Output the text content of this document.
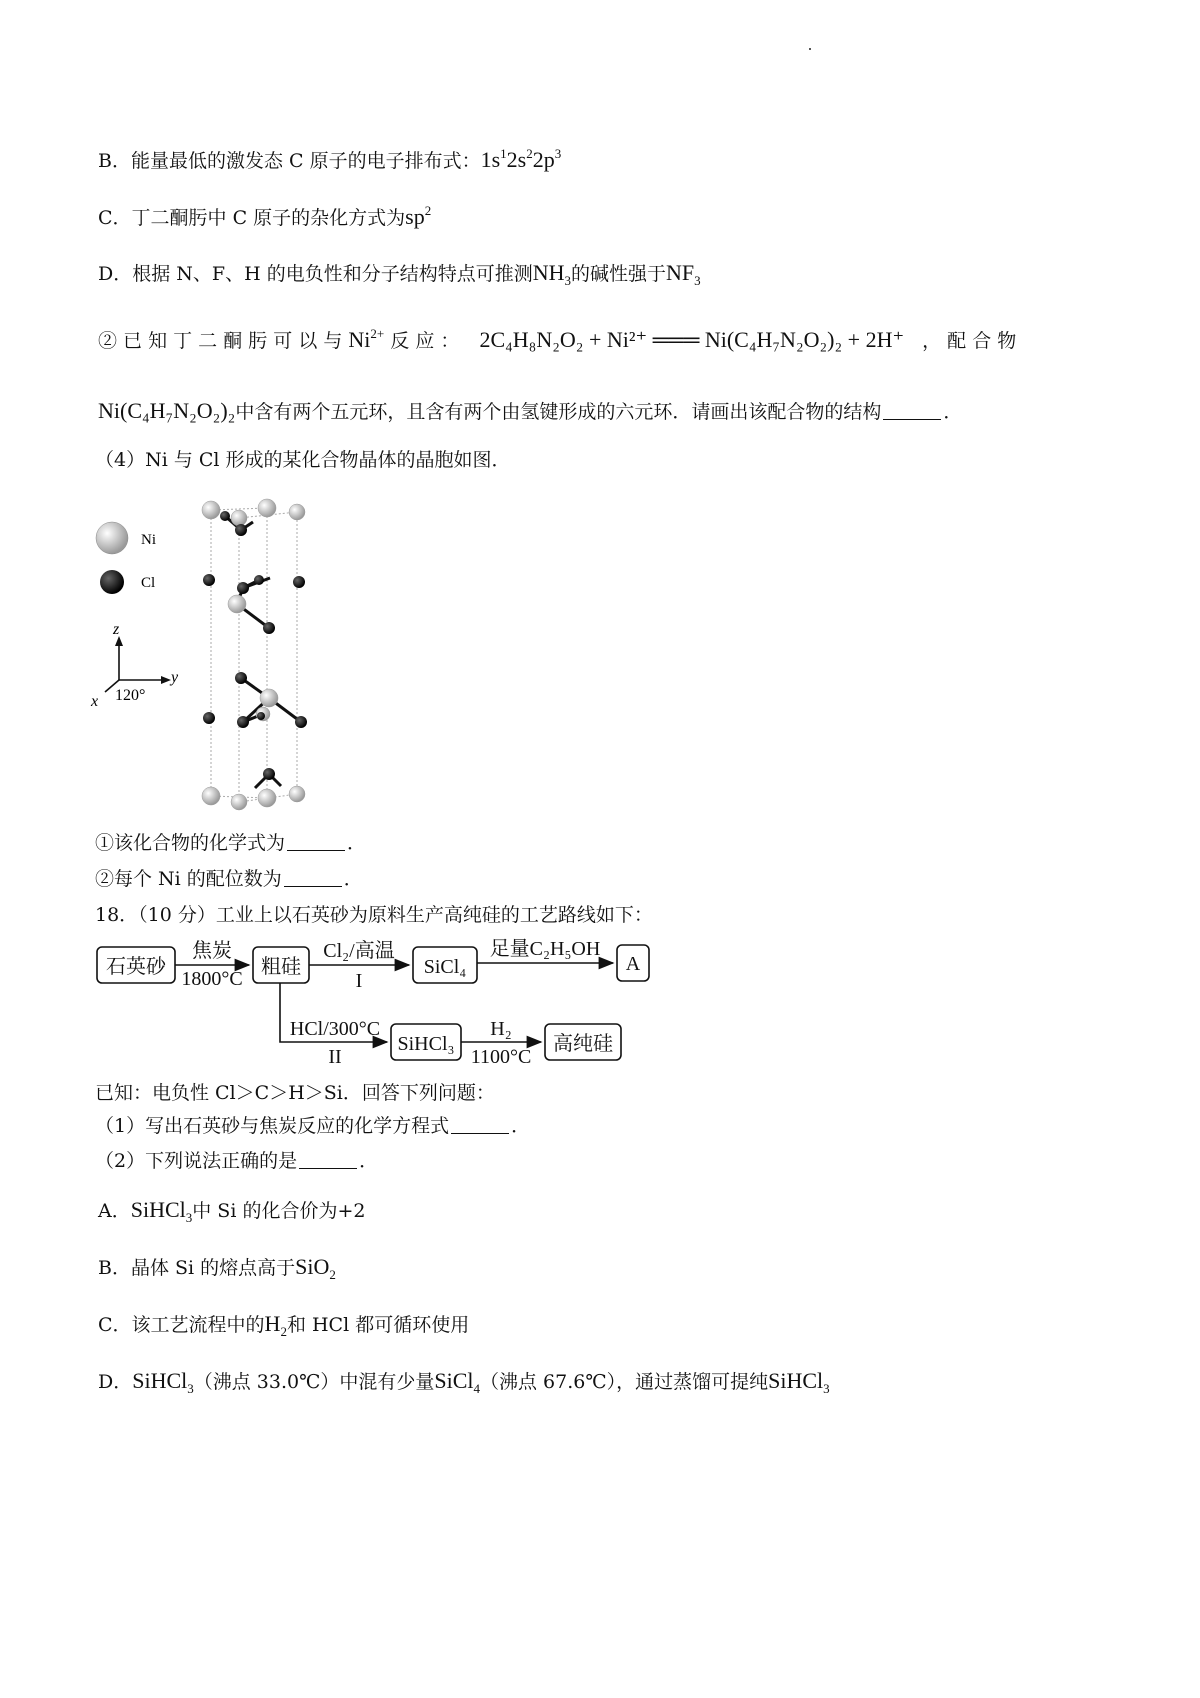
B．能量最低的激发态 C 原子的电子排布式：$1s^12s^22p^3$
C．丁二酮肟中 C 原子的杂化方式为$sp^2$
D．根据 N、F、H 的电负性和分子结构特点可推测$NH_3$的碱性强于$NF_3$
② 已 知 丁 二 酮 肟 可 以 与 $Ni^{2+}$ 反 应 ： 2C₄H₈N₂O₂ + Ni²⁺ ═══ Ni(C₄H₇N₂O₂)₂ + 2H⁺ ， 配 合 物
Ni(C₄H₇N₂O₂)₂中含有两个五元环，且含有两个由氢键形成的六元环．请画出该配合物的结构	．
（4）Ni 与 Cl 形成的某化合物晶体的晶胞如图．
Ni
Cl
z
y
x 120°
①该化合物的化学式为	．
②每个 Ni 的配位数为	．
18．（10 分）工业上以石英砂为原料生产高纯硅的工艺路线如下：
石英砂
焦炭
1800°C
粗硅
Cl₂/高温
I
SiCl₄
足量C₂H₅OH
A
HCl/300°C
II
SiHCl₃
H₂
1100°C
高纯硅
已知：电负性 Cl＞C＞H＞Si．回答下列问题：
（1）写出石英砂与焦炭反应的化学方程式	．
（2）下列说法正确的是	．
A．SiHCl$_3$中 Si 的化合价为+2
B．晶体 Si 的熔点高于SiO$_2$
C．该工艺流程中的$H_2$和 HCl 都可循环使用
D．SiHCl$_3$（沸点 33.0℃）中混有少量SiCl$_4$（沸点 67.6℃），通过蒸馏可提纯SiHCl$_3$
